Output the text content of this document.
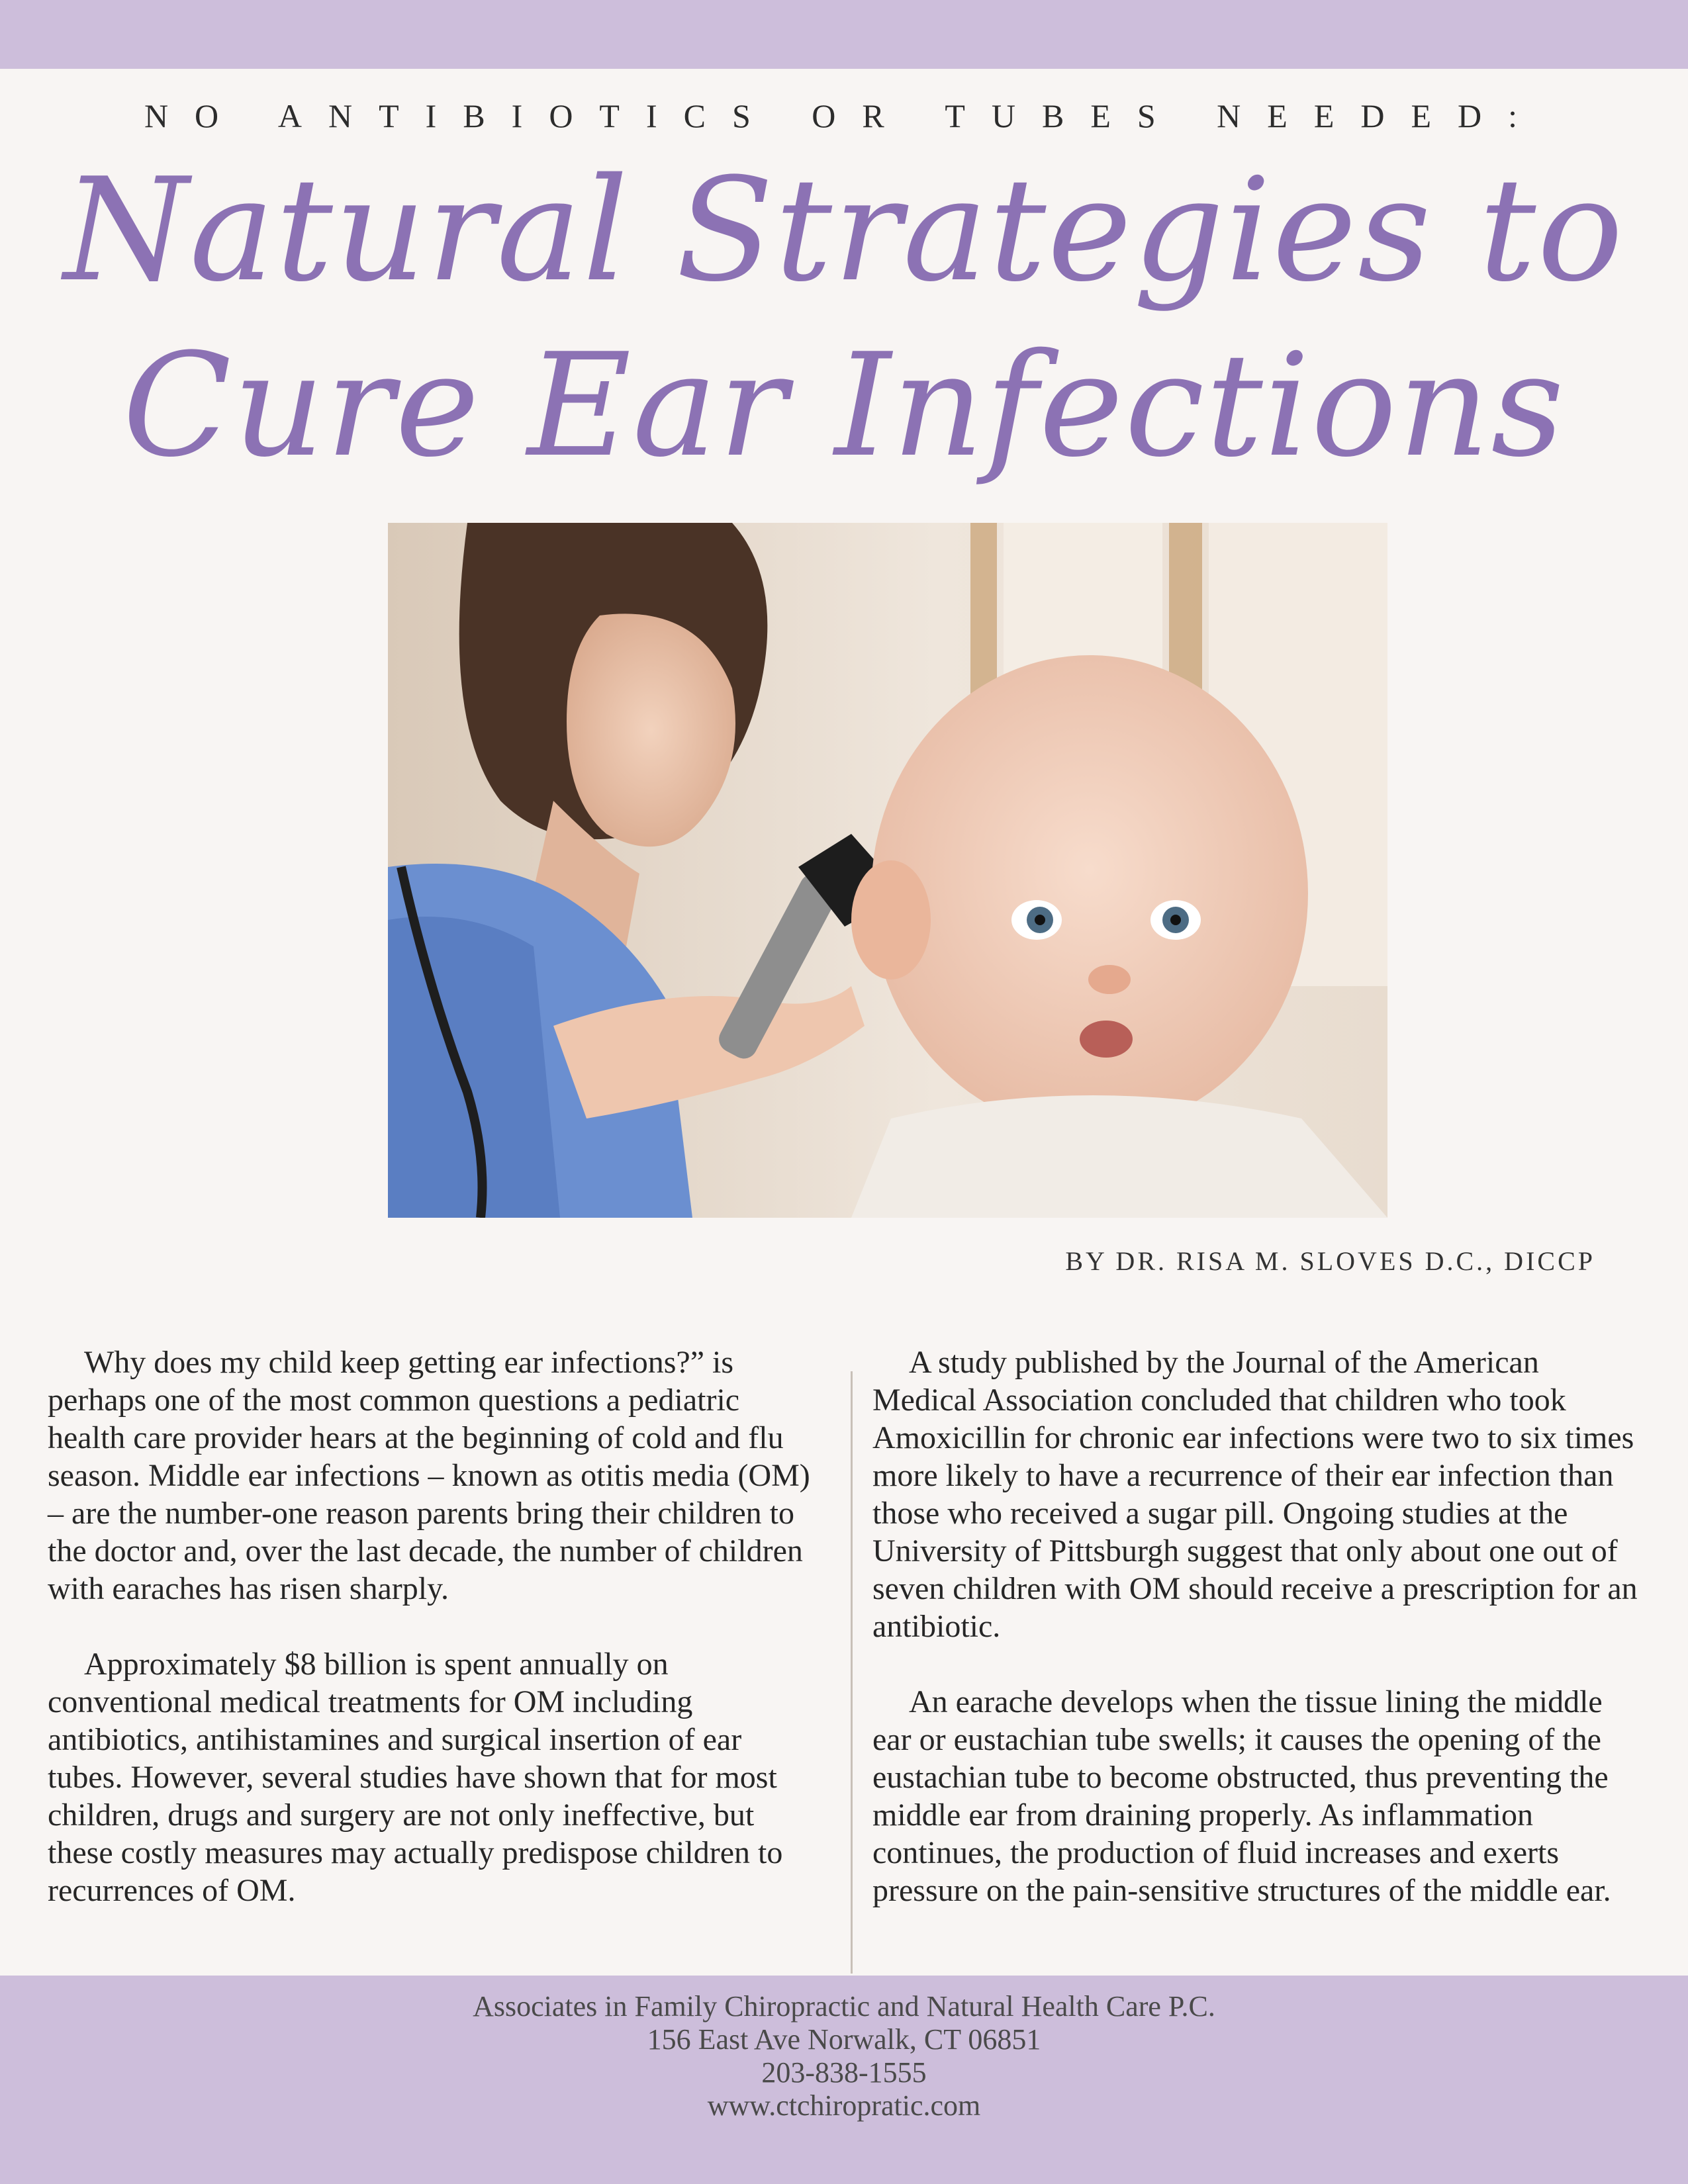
NO ANTIBIOTICS OR TUBES NEEDED:
Natural Strategies to
Cure Ear Infections
BY DR. RISA M. SLOVES D.C., DICCP

Why does my child keep getting ear infections?” is perhaps one of the most common questions a pediatric health care provider hears at the beginning of cold and flu season. Middle ear infections – known as otitis media (OM) – are the number-one reason parents bring their children to the doctor and, over the last decade, the number of children with earaches has risen sharply.

Approximately $8 billion is spent annually on conventional medical treatments for OM including antibiotics, antihistamines and surgical insertion of ear tubes. However, several studies have shown that for most children, drugs and surgery are not only ineffective, but these costly measures may actually predispose children to recurrences of OM.

A study published by the Journal of the American Medical Association concluded that children who took Amoxicillin for chronic ear infections were two to six times more likely to have a recurrence of their ear infection than those who received a sugar pill. Ongoing studies at the University of Pittsburgh suggest that only about one out of seven children with OM should receive a prescription for an antibiotic.

An earache develops when the tissue lining the middle ear or eustachian tube swells; it causes the opening of the eustachian tube to become obstructed, thus preventing the middle ear from draining properly. As inflammation continues, the production of fluid increases and exerts pressure on the pain-sensitive structures of the middle ear.

Associates in Family Chiropractic and Natural Health Care P.C.
156 East Ave Norwalk, CT 06851
203-838-1555
www.ctchiropratic.com
